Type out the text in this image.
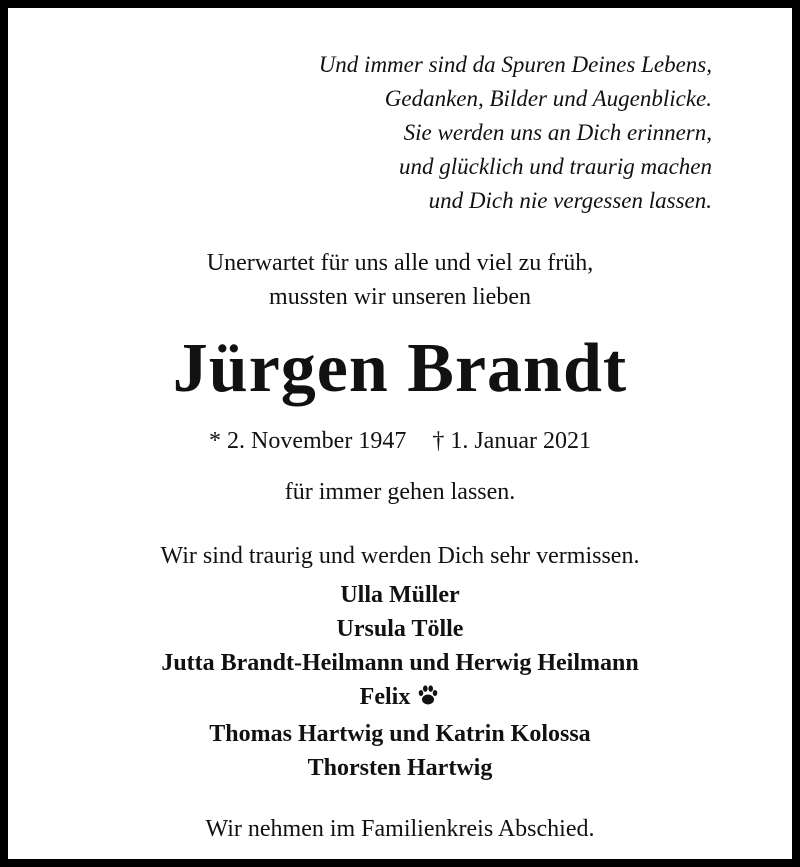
Und immer sind da Spuren Deines Lebens,
Gedanken, Bilder und Augenblicke.
Sie werden uns an Dich erinnern,
und glücklich und traurig machen
und Dich nie vergessen lassen.
Unerwartet für uns alle und viel zu früh,
mussten wir unseren lieben
Jürgen Brandt
* 2. November 1947 † 1. Januar 2021
für immer gehen lassen.
Wir sind traurig und werden Dich sehr vermissen.
Ulla Müller
Ursula Tölle
Jutta Brandt-Heilmann und Herwig Heilmann
Felix
Thomas Hartwig und Katrin Kolossa
Thorsten Hartwig
Wir nehmen im Familienkreis Abschied.
